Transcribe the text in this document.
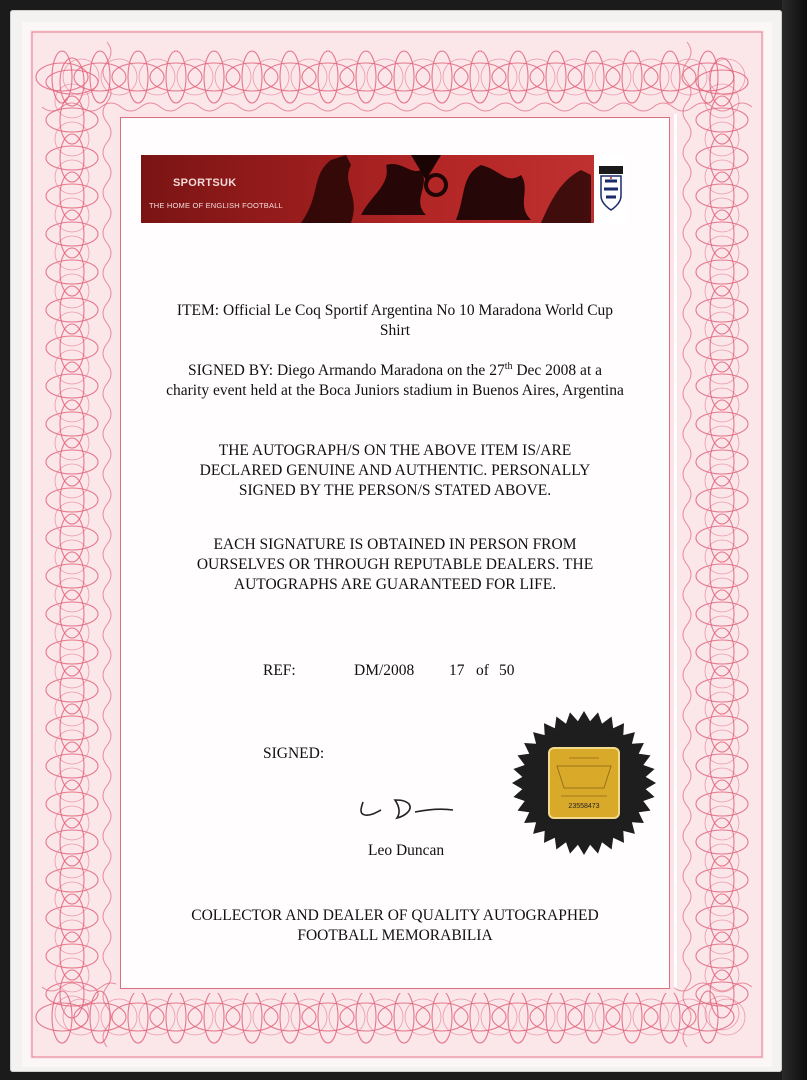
SPORTSUK
THE HOME OF ENGLISH FOOTBALL
ITEM: Official Le Coq Sportif Argentina No 10 Maradona World Cup
Shirt
SIGNED BY: Diego Armando Maradona on the 27th Dec 2008 at a
charity event held at the Boca Juniors stadium in Buenos Aires, Argentina
THE AUTOGRAPH/S ON THE ABOVE ITEM IS/ARE
DECLARED GENUINE AND AUTHENTIC. PERSONALLY
SIGNED BY THE PERSON/S STATED ABOVE.
EACH SIGNATURE IS OBTAINED IN PERSON FROM
OURSELVES OR THROUGH REPUTABLE DEALERS. THE
AUTOGRAPHS ARE GUARANTEED FOR LIFE.
REF:	DM/2008 17 of 50
SIGNED:
Leo Duncan
23558473
COLLECTOR AND DEALER OF QUALITY AUTOGRAPHED
FOOTBALL MEMORABILIA
